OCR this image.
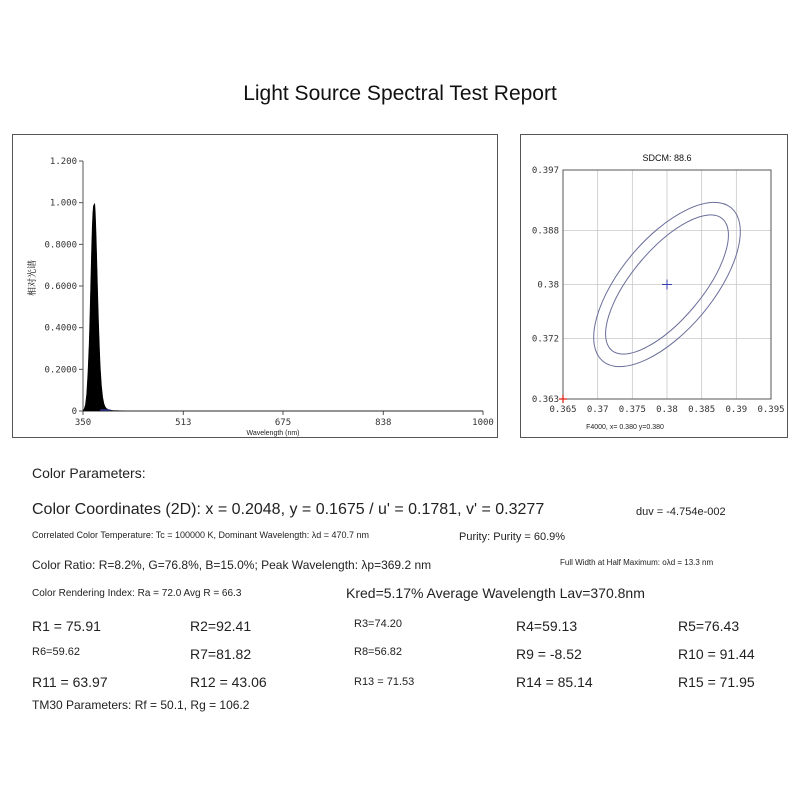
Light Source Spectral Test Report
0
0.2000
0.4000
0.6000
0.8000
1.000
1.200
350	513	675	838	1000
Wavelength (nm)
相对光谱
SDCM: 88.6
0.365 0.37 0.375 0.38 0.385 0.39 0.395
0.363
0.372
0.38
0.388
0.397
F4000, x= 0.380 y=0.380
Color Parameters:
Color Coordinates (2D): x = 0.2048, y = 0.1675 / u' = 0.1781, v' = 0.3277	duv = -4.754e-002
Correlated Color Temperature: Tc = 100000 K, Dominant Wavelength: λd = 470.7 nm	Purity: Purity = 60.9%
Color Ratio: R=8.2%, G=76.8%, B=15.0%; Peak Wavelength: λp=369.2 nm	Full Width at Half Maximum: oλd = 13.3 nm
Color Rendering Index: Ra = 72.0 Avg R = 66.3	Kred=5.17% Average Wavelength Lav=370.8nm
R1 = 75.91	R2=92.41	R3=74.20	R4=59.13	R5=76.43
R6=59.62	R7=81.82	R8=56.82	R9 = -8.52	R10 = 91.44
R11 = 63.97	R12 = 43.06	R13 = 71.53	R14 = 85.14	R15 = 71.95
TM30 Parameters: Rf = 50.1, Rg = 106.2
